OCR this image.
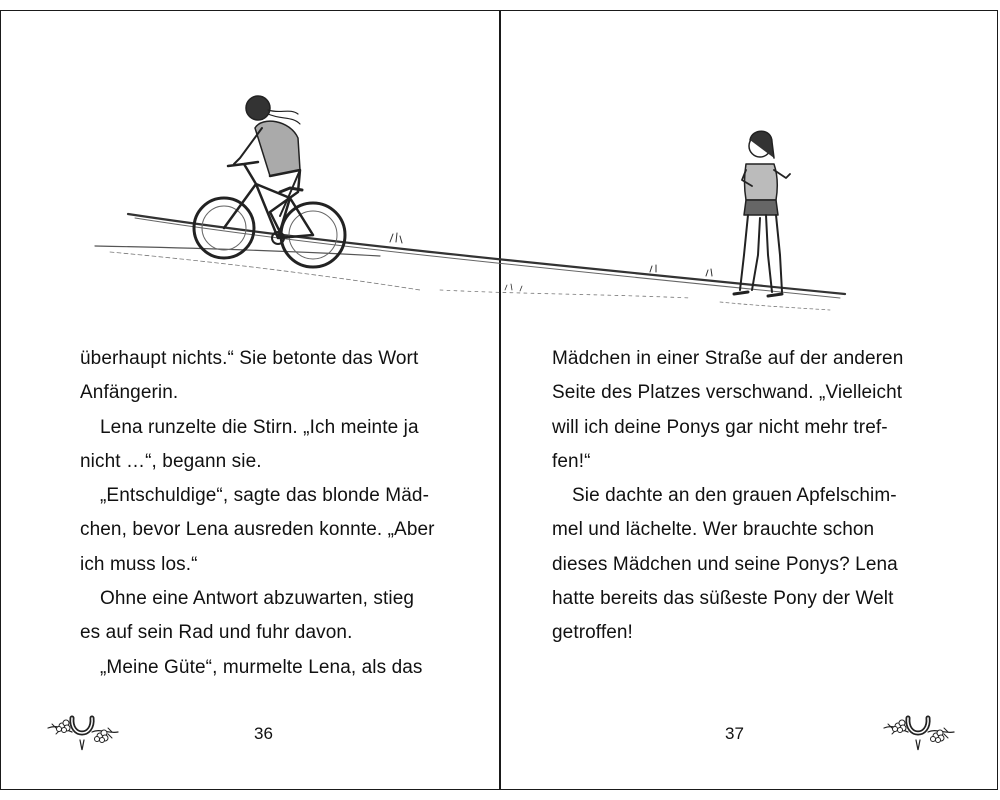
überhaupt nichts.“ Sie betonte das Wort

Anfängerin.

Lena runzelte die Stirn. „Ich meinte ja

nicht …“, begann sie.

„Entschuldige“, sagte das blonde Mäd-

chen, bevor Lena ausreden konnte. „Aber

ich muss los.“

Ohne eine Antwort abzuwarten, stieg

es auf sein Rad und fuhr davon.

„Meine Güte“, murmelte Lena, als das

Mädchen in einer Straße auf der anderen

Seite des Platzes verschwand. „Vielleicht

will ich deine Ponys gar nicht mehr tref-

fen!“

Sie dachte an den grauen Apfelschim-

mel und lächelte. Wer brauchte schon

dieses Mädchen und seine Ponys? Lena

hatte bereits das süßeste Pony der Welt

getroffen!

36	37
